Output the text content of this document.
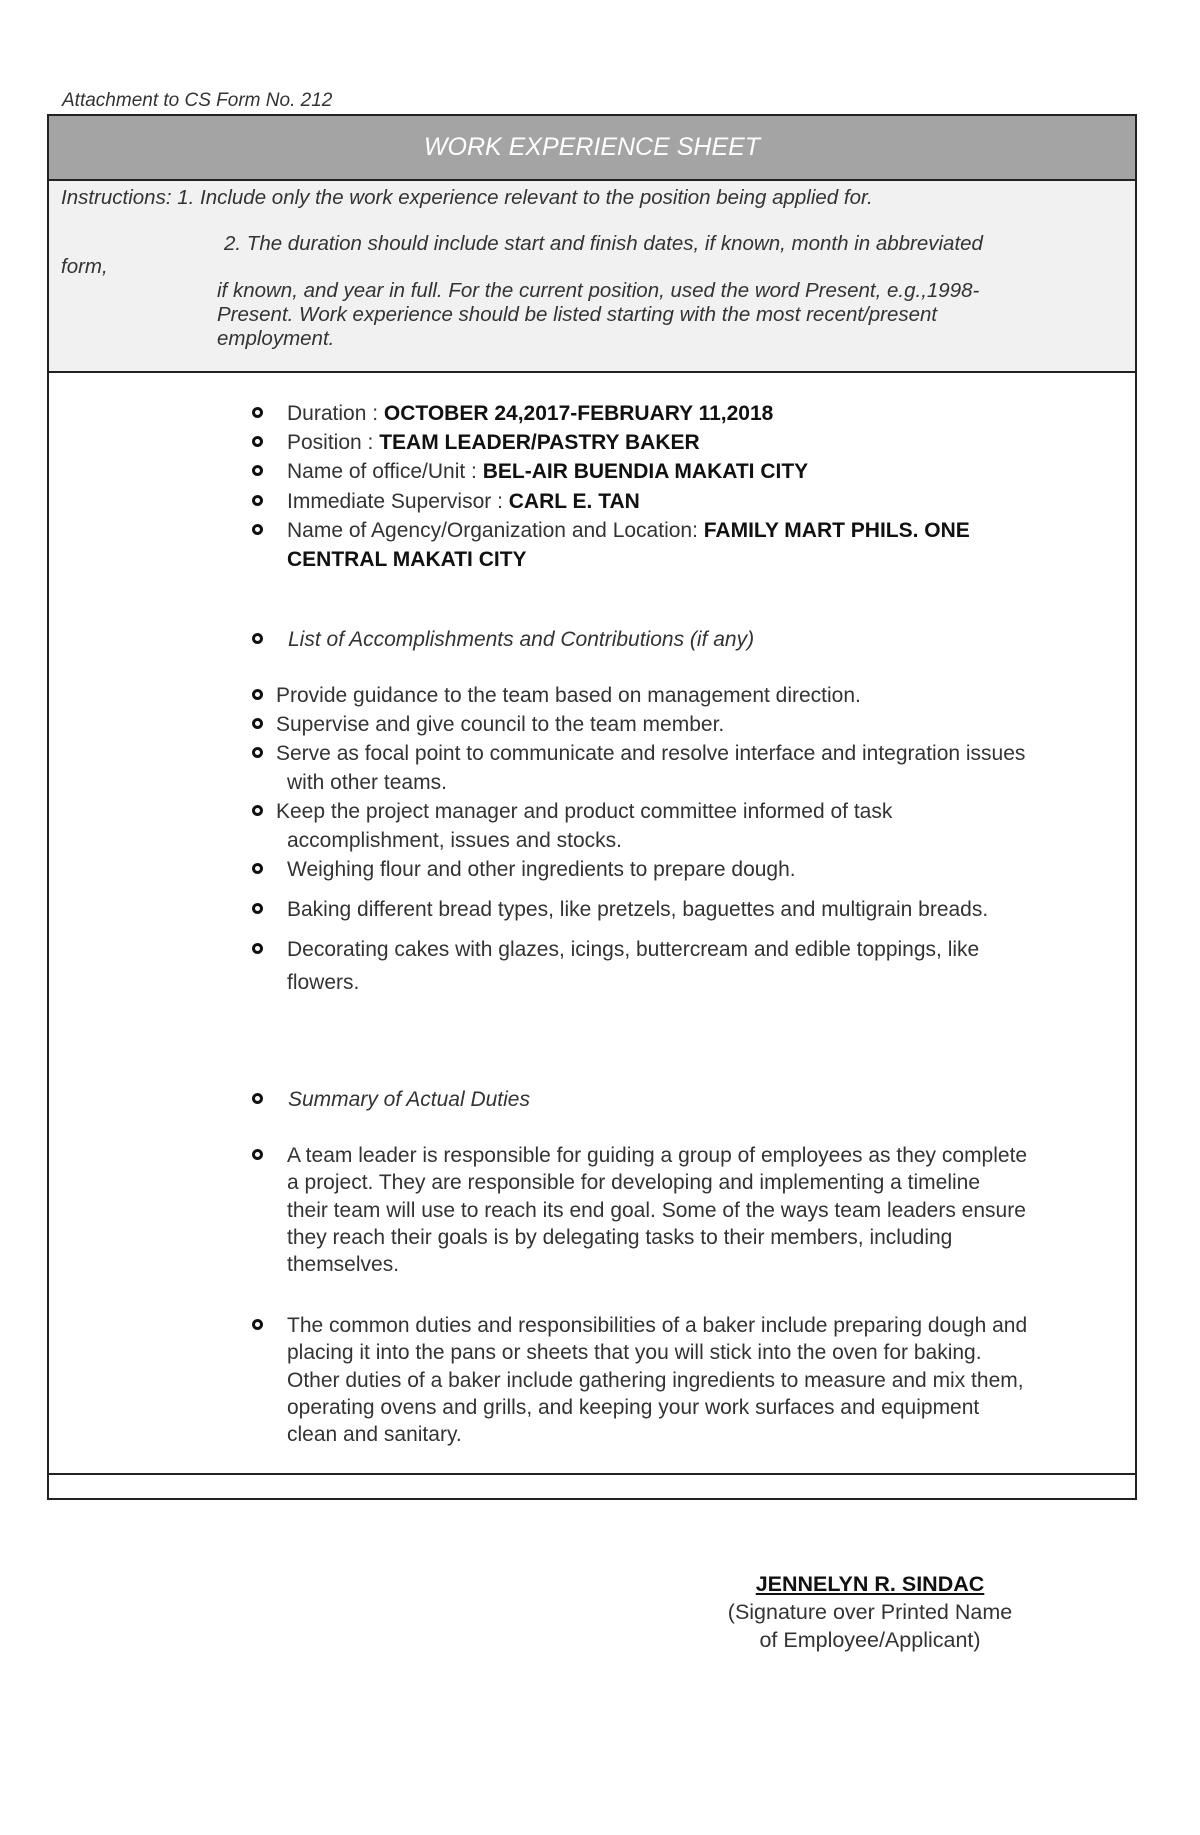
Attachment to CS Form No. 212
WORK EXPERIENCE SHEET
Instructions: 1. Include only the work experience relevant to the position being applied for.
2. The duration should include start and finish dates, if known, month in abbreviated
form,
if known, and year in full. For the current position, used the word Present, e.g.,1998-
Present. Work experience should be listed starting with the most recent/present
employment.
Duration : OCTOBER 24,2017-FEBRUARY 11,2018
Position : TEAM LEADER/PASTRY BAKER
Name of office/Unit : BEL-AIR BUENDIA MAKATI CITY
Immediate Supervisor : CARL E. TAN
Name of Agency/Organization and Location: FAMILY MART PHILS. ONE
CENTRAL MAKATI CITY
List of Accomplishments and Contributions (if any)
Provide guidance to the team based on management direction.
Supervise and give council to the team member.
Serve as focal point to communicate and resolve interface and integration issues
with other teams.
Keep the project manager and product committee informed of task
accomplishment, issues and stocks.
Weighing flour and other ingredients to prepare dough.
Baking different bread types, like pretzels, baguettes and multigrain breads.
Decorating cakes with glazes, icings, buttercream and edible toppings, like
flowers.
Summary of Actual Duties
A team leader is responsible for guiding a group of employees as they complete
a project. They are responsible for developing and implementing a timeline
their team will use to reach its end goal. Some of the ways team leaders ensure
they reach their goals is by delegating tasks to their members, including
themselves.
The common duties and responsibilities of a baker include preparing dough and
placing it into the pans or sheets that you will stick into the oven for baking.
Other duties of a baker include gathering ingredients to measure and mix them,
operating ovens and grills, and keeping your work surfaces and equipment
clean and sanitary.
JENNELYN R. SINDAC
(Signature over Printed Name
of Employee/Applicant)
